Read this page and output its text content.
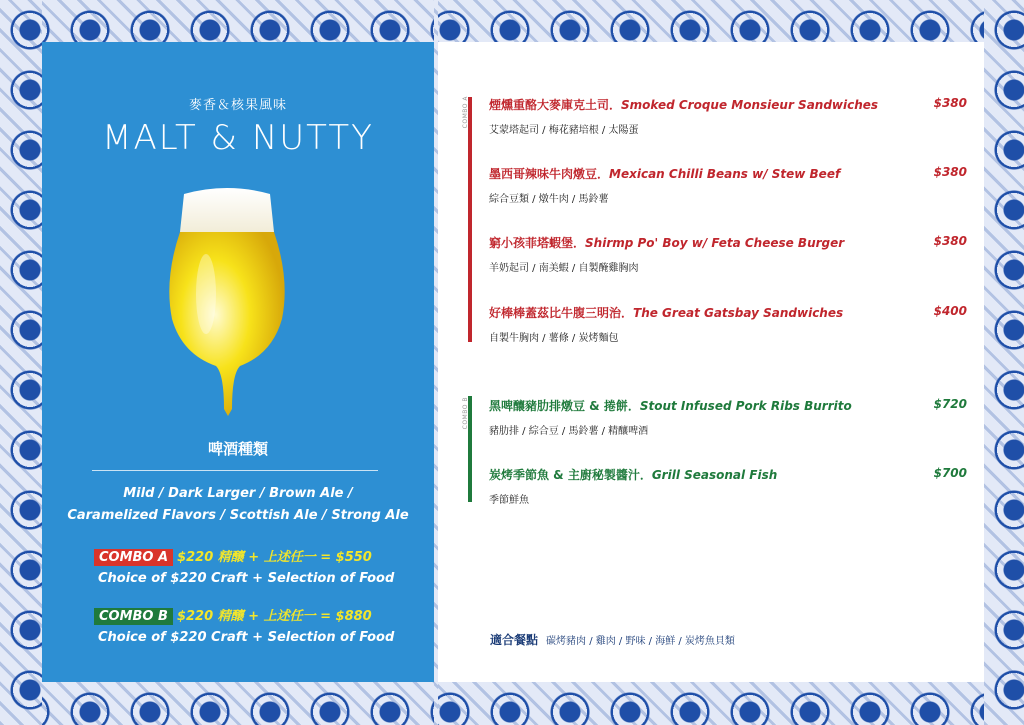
麥香＆核果風味
MALT & NUTTY
啤酒種類
Mild / Dark Larger / Brown Ale /
Caramelized Flavors / Scottish Ale / Strong Ale
COMBO A $220 精釀 + 上述任一 = $550
Choice of $220 Craft + Selection of Food
COMBO B $220 精釀 + 上述任一 = $880
Choice of $220 Craft + Selection of Food
COMBO A
COMBO B
煙燻重酪大麥庫克土司．Smoked Croque Monsieur Sandwiches	$380
艾蒙塔起司 / 梅花豬培根 / 太陽蛋
墨西哥辣味牛肉燉豆．Mexican Chilli Beans w/ Stew Beef	$380
綜合豆類 / 燉牛肉 / 馬鈴薯
窮小孩菲塔蝦堡．Shirmp Po' Boy w/ Feta Cheese Burger	$380
羊奶起司 / 南美蝦 / 自製醃雞胸肉
好棒棒蓋茲比牛腹三明治．The Great Gatsbay Sandwiches	$400
自製牛胸肉 / 薯條 / 炭烤麵包
黑啤釀豬肋排燉豆 & 捲餅．Stout Infused Pork Ribs Burrito	$720
豬肋排 / 綜合豆 / 馬鈴薯 / 精釀啤酒
炭烤季節魚 & 主廚秘製醬汁．Grill Seasonal Fish	$700
季節鮮魚
適合餐點 碳烤豬肉 / 雞肉 / 野味 / 海鮮 / 炭烤魚貝類
